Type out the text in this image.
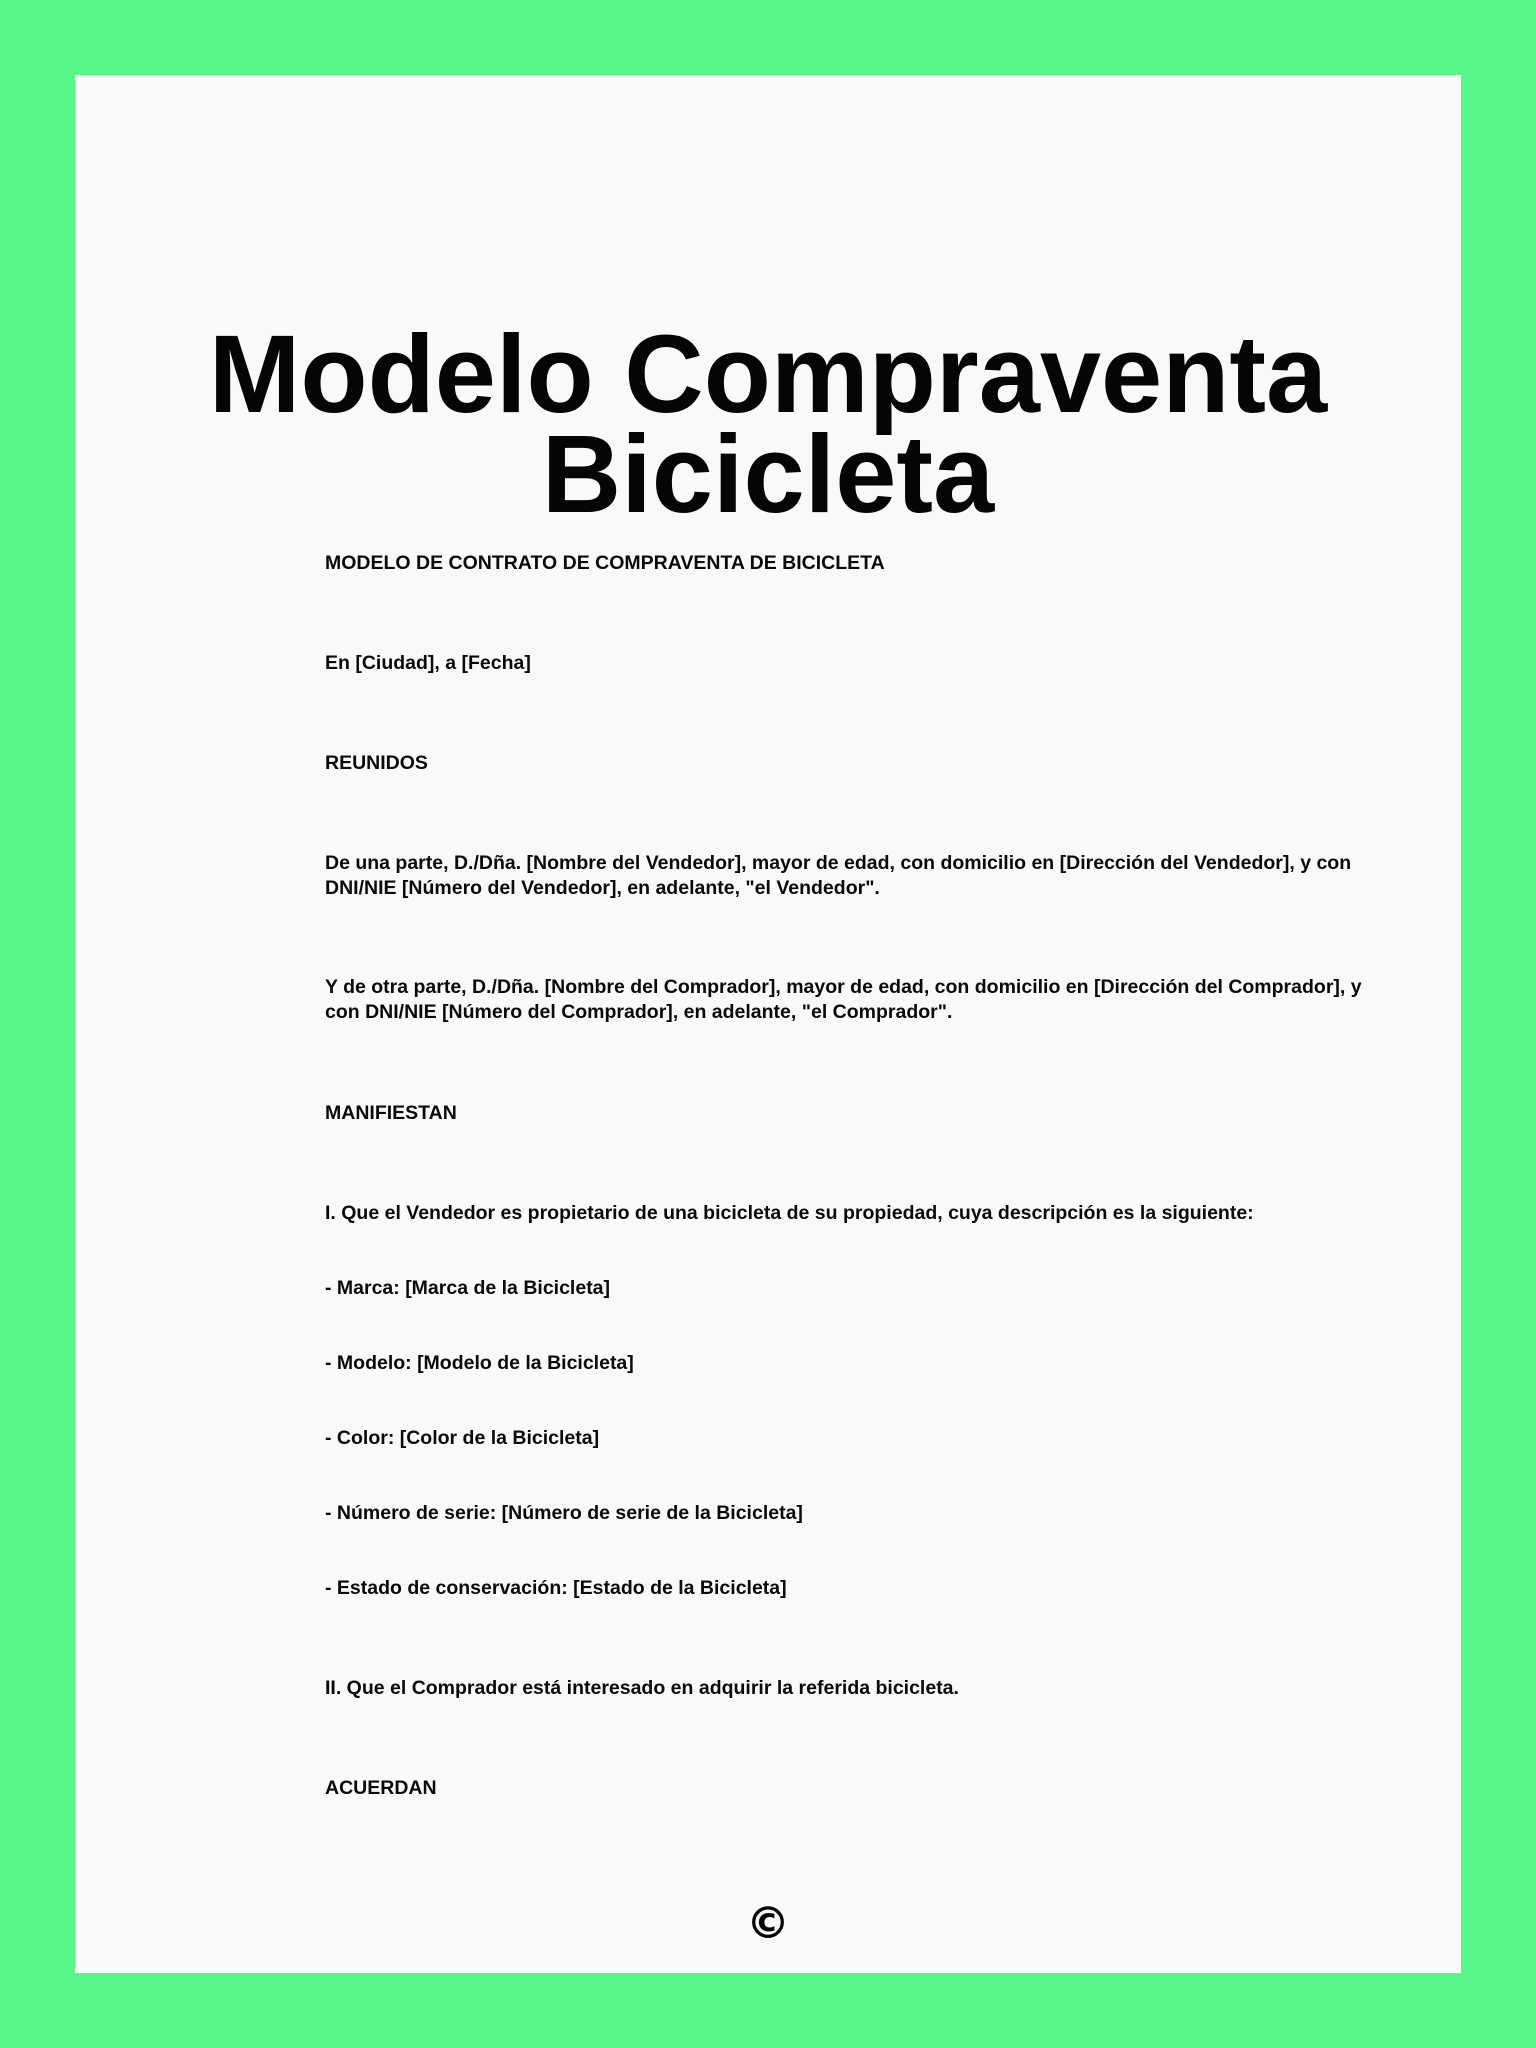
Modelo Compraventa
Bicicleta

MODELO DE CONTRATO DE COMPRAVENTA DE BICICLETA

En [Ciudad], a [Fecha]

REUNIDOS

De una parte, D./Dña. [Nombre del Vendedor], mayor de edad, con domicilio en [Dirección del Vendedor], y con DNI/NIE [Número del Vendedor], en adelante, "el Vendedor".

Y de otra parte, D./Dña. [Nombre del Comprador], mayor de edad, con domicilio en [Dirección del Comprador], y con DNI/NIE [Número del Comprador], en adelante, "el Comprador".

MANIFIESTAN

I. Que el Vendedor es propietario de una bicicleta de su propiedad, cuya descripción es la siguiente:

- Marca: [Marca de la Bicicleta]

- Modelo: [Modelo de la Bicicleta]

- Color: [Color de la Bicicleta]

- Número de serie: [Número de serie de la Bicicleta]

- Estado de conservación: [Estado de la Bicicleta]

II. Que el Comprador está interesado en adquirir la referida bicicleta.

ACUERDAN

©
